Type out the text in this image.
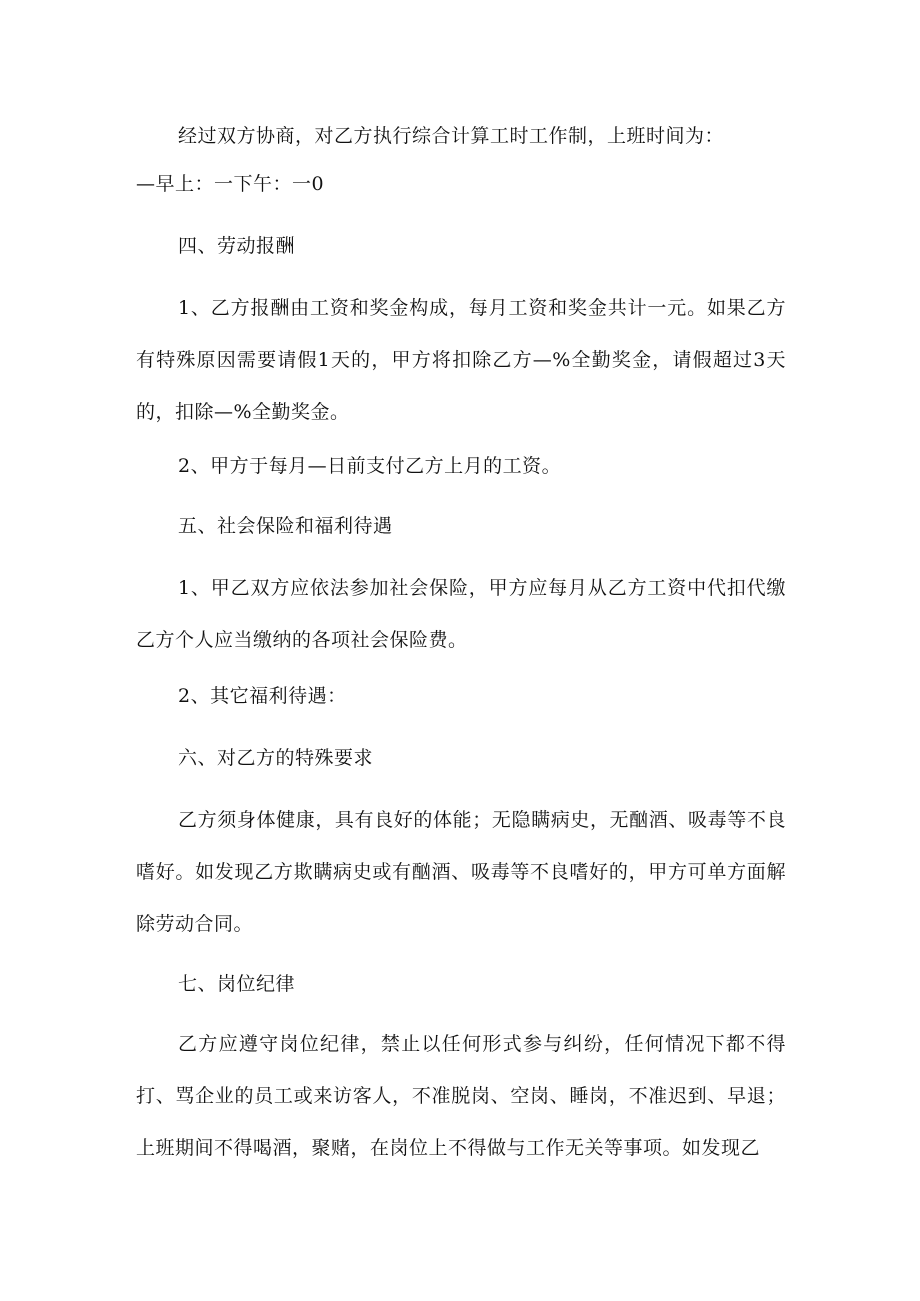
经过双方协商，对乙方执行综合计算工时工作制，上班时间为：

—早上：一下午：一0

四、劳动报酬

1、乙方报酬由工资和奖金构成，每月工资和奖金共计一元。如果乙方有特殊原因需要请假1天的，甲方将扣除乙方—%全勤奖金，请假超过3天的，扣除—%全勤奖金。

2、甲方于每月—日前支付乙方上月的工资。

五、社会保险和福利待遇

1、甲乙双方应依法参加社会保险，甲方应每月从乙方工资中代扣代缴乙方个人应当缴纳的各项社会保险费。

2、其它福利待遇：

六、对乙方的特殊要求

乙方须身体健康，具有良好的体能；无隐瞒病史，无酗酒、吸毒等不良嗜好。如发现乙方欺瞒病史或有酗酒、吸毒等不良嗜好的，甲方可单方面解除劳动合同。

七、岗位纪律

乙方应遵守岗位纪律，禁止以任何形式参与纠纷，任何情况下都不得打、骂企业的员工或来访客人，不准脱岗、空岗、睡岗，不准迟到、早退；上班期间不得喝酒，聚赌，在岗位上不得做与工作无关等事项。如发现乙
